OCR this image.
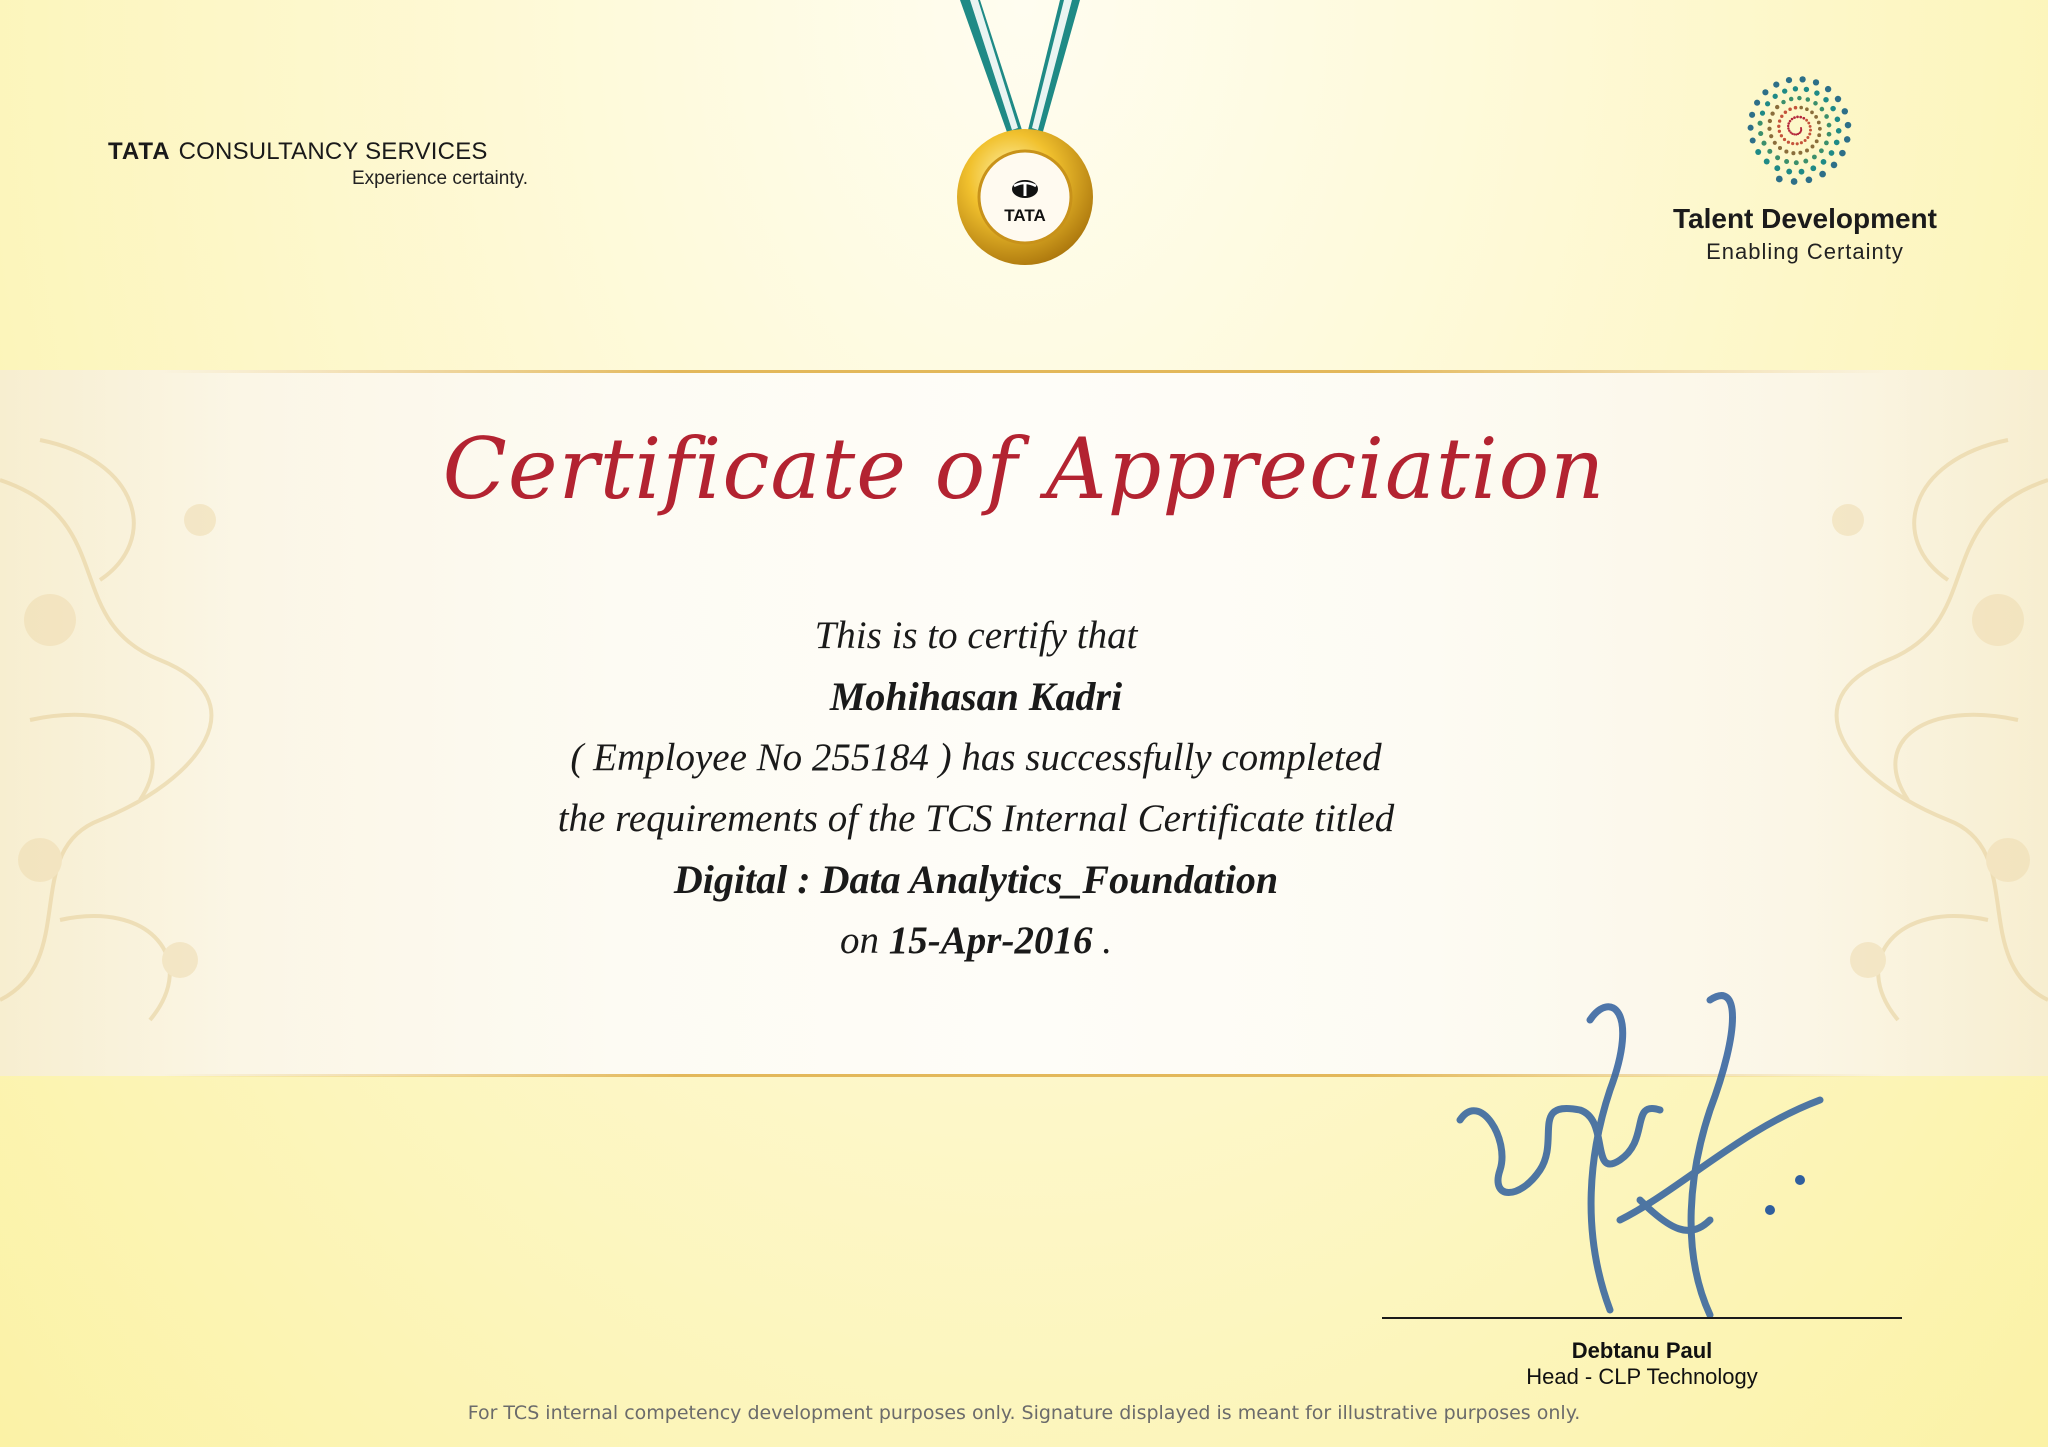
TATA CONSULTANCY SERVICES
Experience certainty.
TATA	Talent Development
Enabling Certainty
Certificate of Appreciation
This is to certify that
Mohihasan Kadri
( Employee No 255184 ) has successfully completed
the requirements of the TCS Internal Certificate titled
Digital : Data Analytics_Foundation
on 15-Apr-2016 .
Debtanu Paul
Head - CLP Technology
For TCS internal competency development purposes only. Signature displayed is meant for illustrative purposes only.
